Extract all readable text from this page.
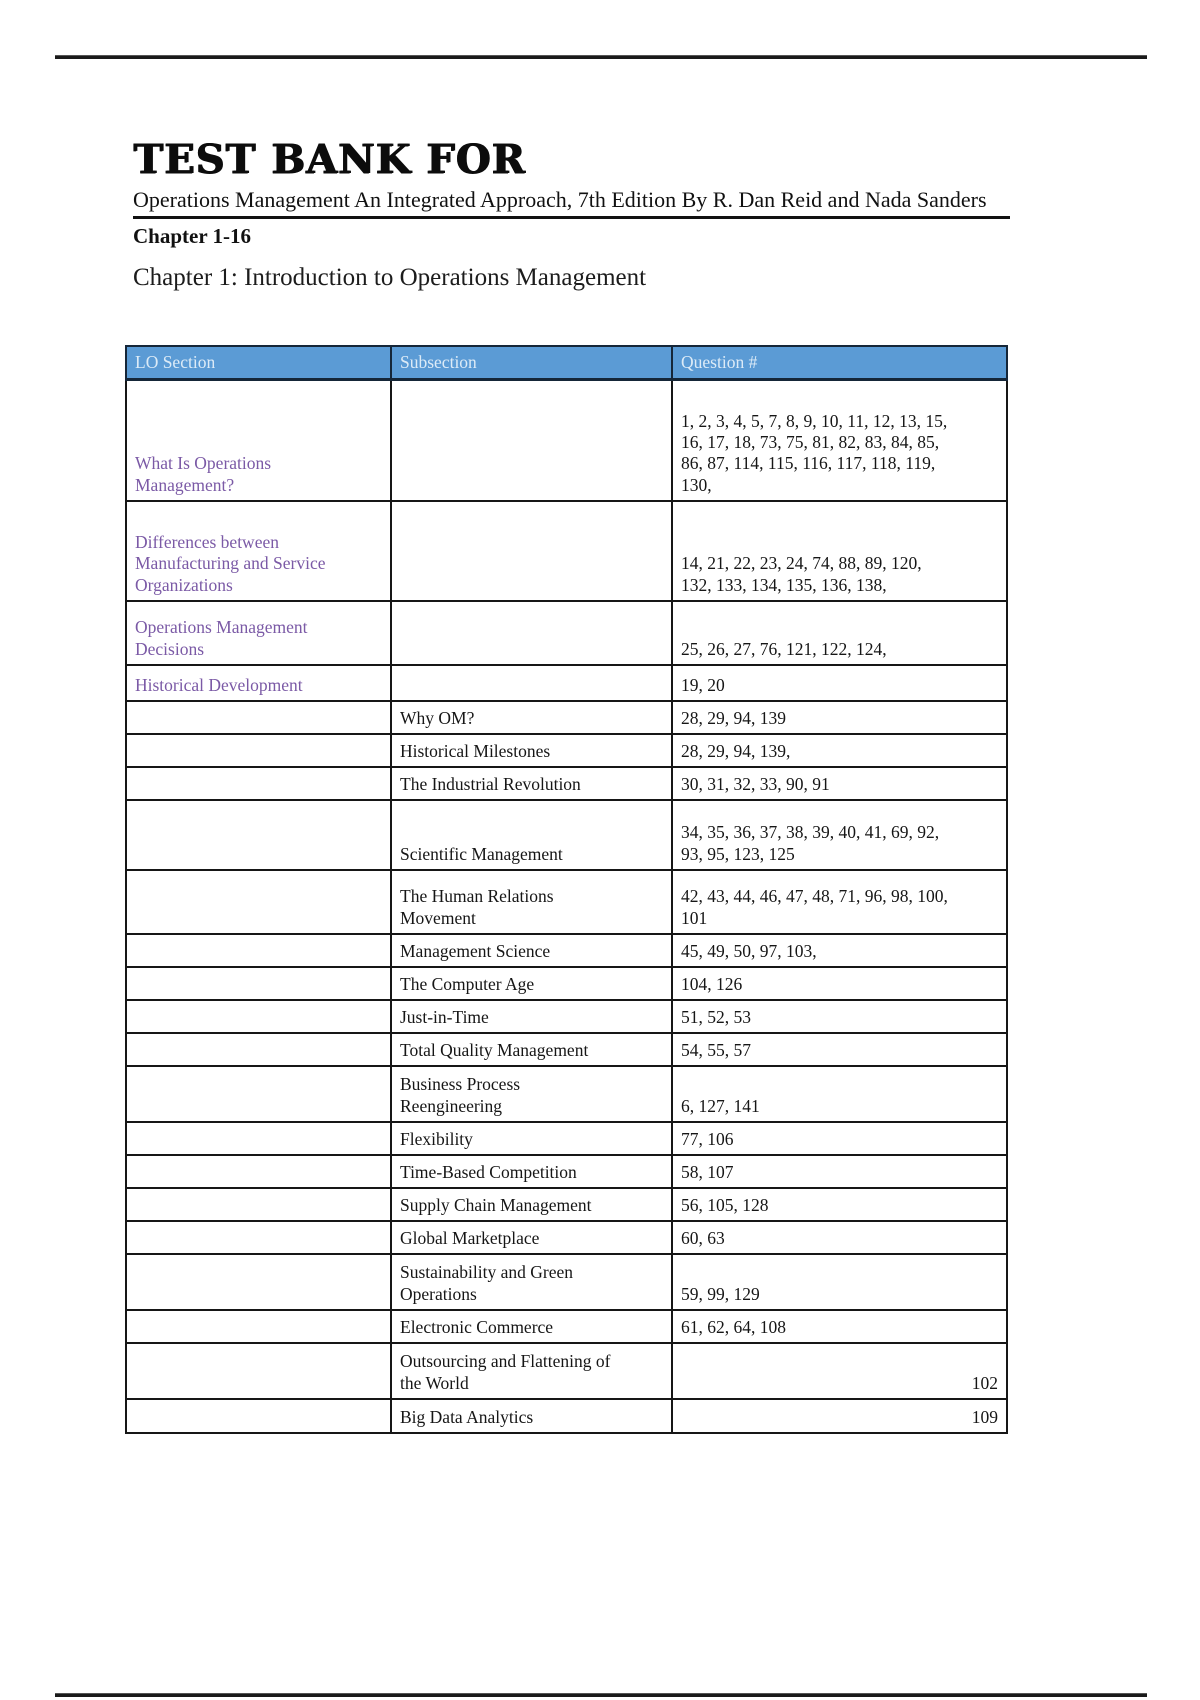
TEST BANK FOR
Operations Management An Integrated Approach, 7th Edition By R. Dan Reid and Nada Sanders
Chapter 1-16
Chapter 1: Introduction to Operations Management
LO Section	Subsection	Question #
What Is Operations
Management?		1, 2, 3, 4, 5, 7, 8, 9, 10, 11, 12, 13, 15,
16, 17, 18, 73, 75, 81, 82, 83, 84, 85,
86, 87, 114, 115, 116, 117, 118, 119,
130,
Differences between
Manufacturing and Service
Organizations		14, 21, 22, 23, 24, 74, 88, 89, 120,
132, 133, 134, 135, 136, 138,
Operations Management
Decisions		25, 26, 27, 76, 121, 122, 124,
Historical Development		19, 20
	Why OM?	28, 29, 94, 139
	Historical Milestones	28, 29, 94, 139,
	The Industrial Revolution	30, 31, 32, 33, 90, 91
	Scientific Management	34, 35, 36, 37, 38, 39, 40, 41, 69, 92,
93, 95, 123, 125
	The Human Relations
Movement	42, 43, 44, 46, 47, 48, 71, 96, 98, 100,
101
	Management Science	45, 49, 50, 97, 103,
	The Computer Age	104, 126
	Just-in-Time	51, 52, 53
	Total Quality Management	54, 55, 57
	Business Process
Reengineering	6, 127, 141
	Flexibility	77, 106
	Time-Based Competition	58, 107
	Supply Chain Management	56, 105, 128
	Global Marketplace	60, 63
	Sustainability and Green
Operations	59, 99, 129
	Electronic Commerce	61, 62, 64, 108
	Outsourcing and Flattening of
the World	102
	Big Data Analytics	109
